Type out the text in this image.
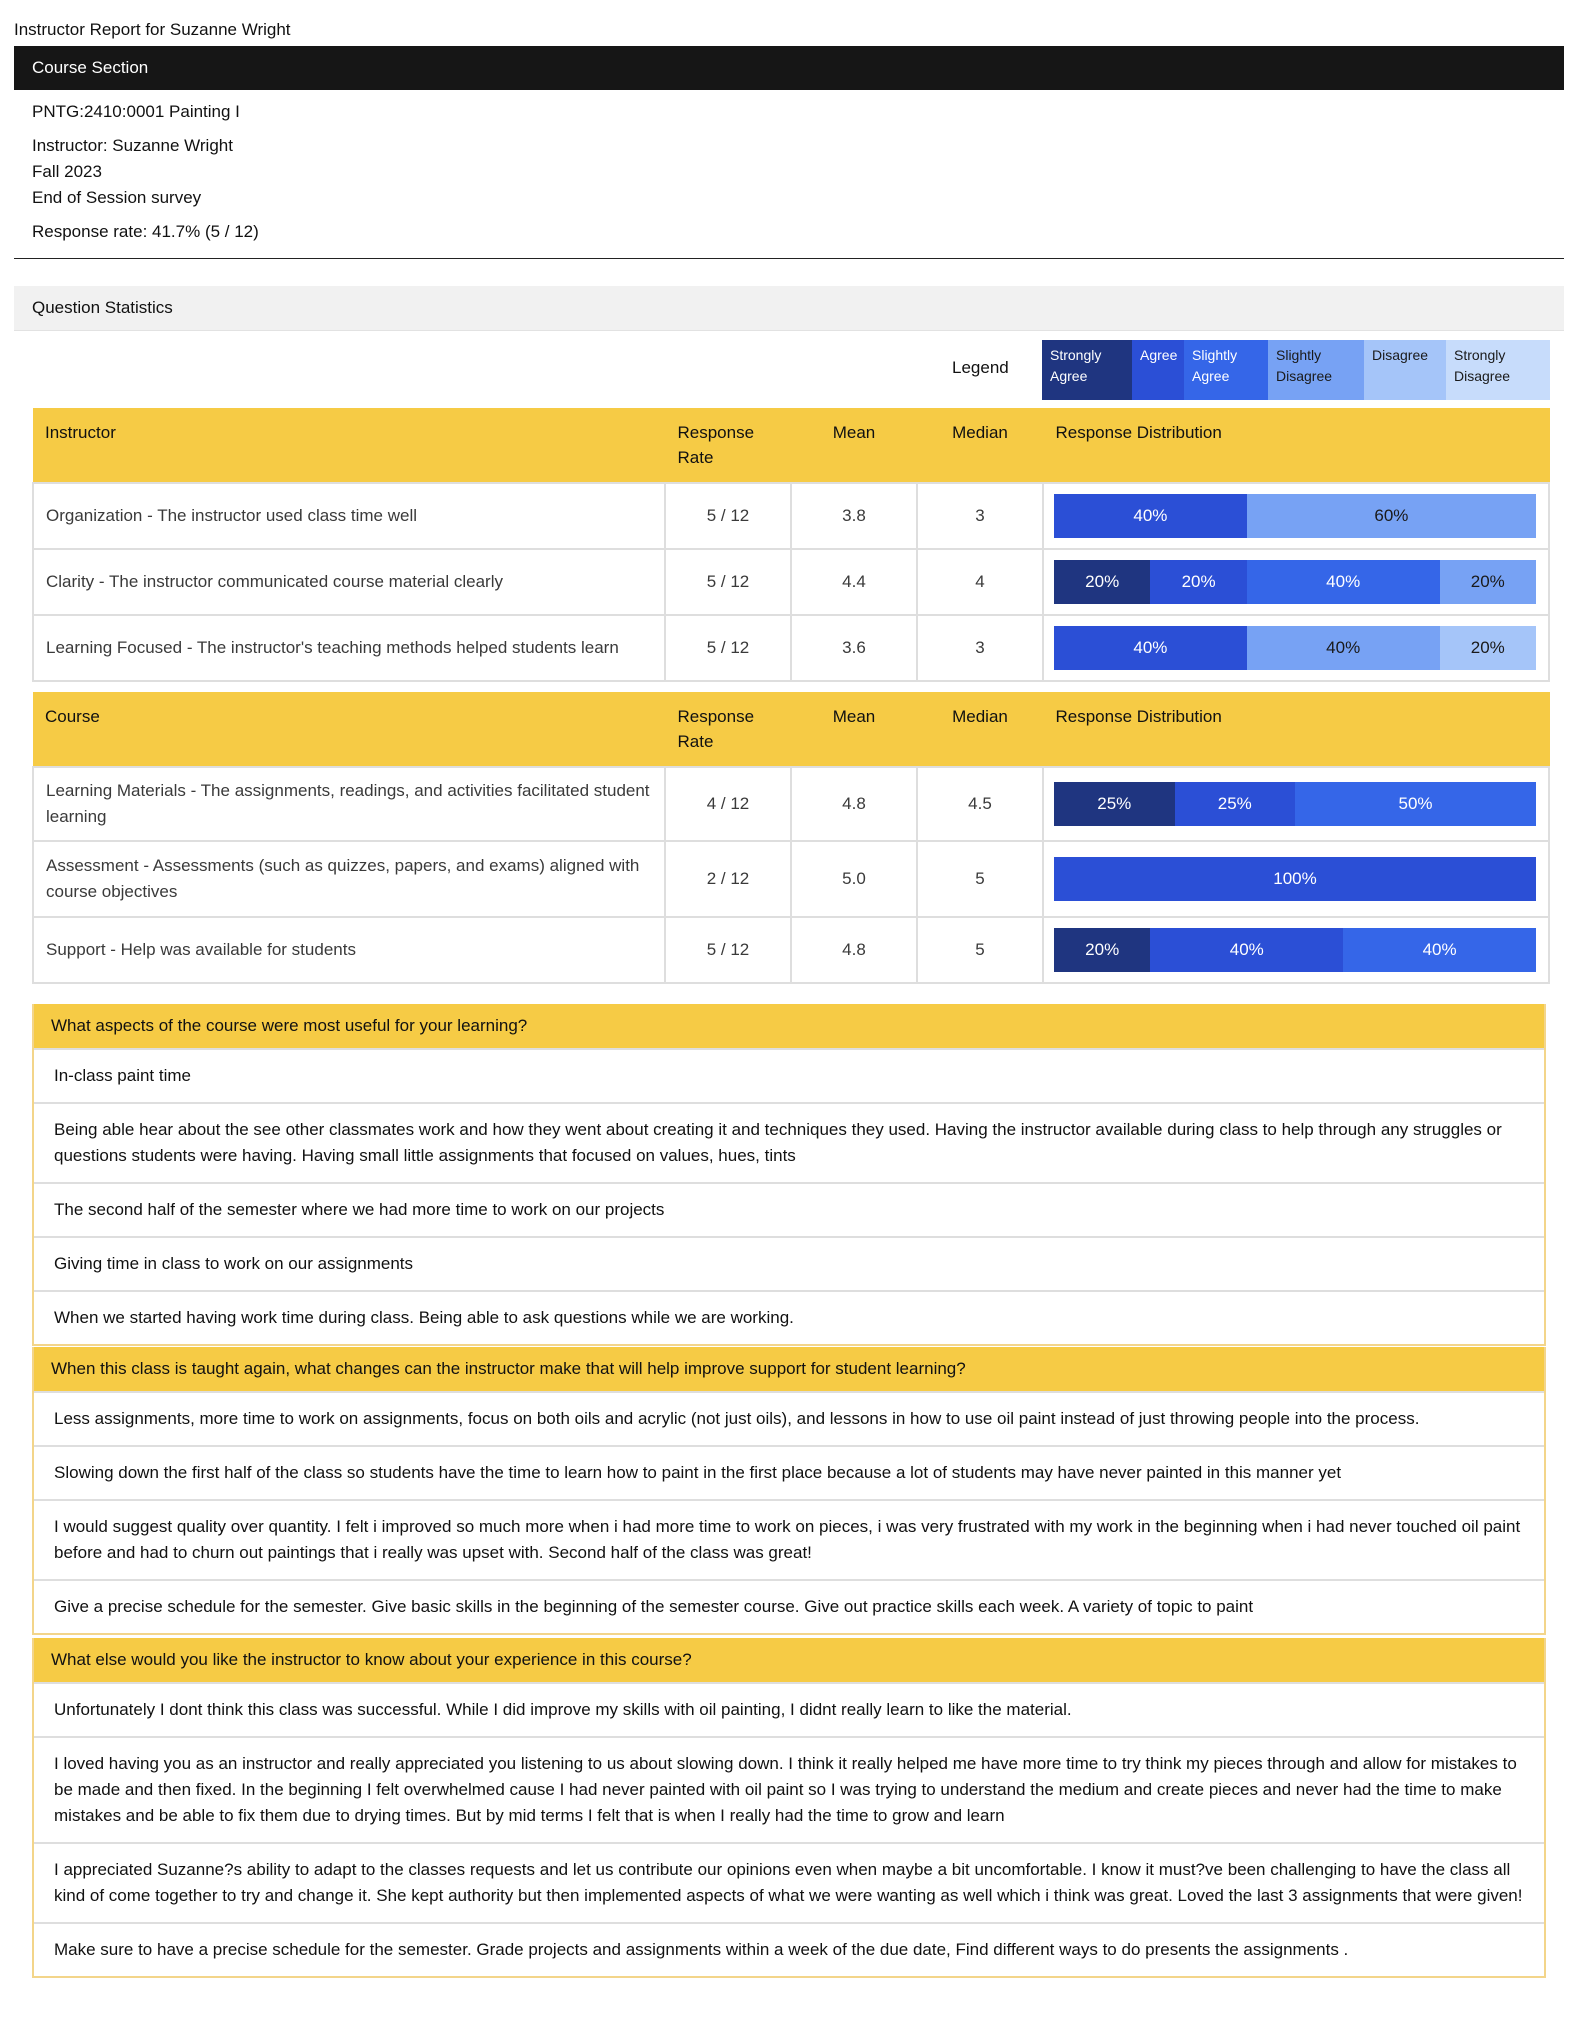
Instructor Report for Suzanne Wright
Course Section
PNTG:2410:0001 Painting I
Instructor: Suzanne Wright
Fall 2023
End of Session survey
Response rate: 41.7% (5 / 12)
Question Statistics
Legend
Strongly Agree
Agree	Slightly Agree
Slightly Disagree
Disagree	Strongly Disagree
Instructor	Response Rate	Mean	Median	Response Distribution
Organization - The instructor used class time well	5 / 12	3.8	3	40% 60%

Clarity - The instructor communicated course material clearly	5 / 12	4.4	4	20% 20% 40% 20%

Learning Focused - The instructor's teaching methods helped students learn	5 / 12	3.6	3	40% 40% 20%
Course	Response Rate	Mean	Median	Response Distribution
Learning Materials - The assignments, readings, and activities facilitated student learning	4 / 12	4.8	4.5	25% 25% 50%

Assessment - Assessments (such as quizzes, papers, and exams) aligned with course objectives	2 / 12	5.0	5	100%

Support - Help was available for students	5 / 12	4.8	5	20% 40% 40%
What aspects of the course were most useful for your learning?
In-class paint time
Being able hear about the see other classmates work and how they went about creating it and techniques they used. Having the instructor available during class to help through any struggles or questions students were having. Having small little assignments that focused on values, hues, tints
The second half of the semester where we had more time to work on our projects
Giving time in class to work on our assignments
When we started having work time during class. Being able to ask questions while we are working.
When this class is taught again, what changes can the instructor make that will help improve support for student learning?
Less assignments, more time to work on assignments, focus on both oils and acrylic (not just oils), and lessons in how to use oil paint instead of just throwing people into the process.
Slowing down the first half of the class so students have the time to learn how to paint in the first place because a lot of students may have never painted in this manner yet
I would suggest quality over quantity. I felt i improved so much more when i had more time to work on pieces, i was very frustrated with my work in the beginning when i had never touched oil paint before and had to churn out paintings that i really was upset with. Second half of the class was great!
Give a precise schedule for the semester. Give basic skills in the beginning of the semester course. Give out practice skills each week. A variety of topic to paint
What else would you like the instructor to know about your experience in this course?
Unfortunately I dont think this class was successful. While I did improve my skills with oil painting, I didnt really learn to like the material.
I loved having you as an instructor and really appreciated you listening to us about slowing down. I think it really helped me have more time to try think my pieces through and allow for mistakes to be made and then fixed. In the beginning I felt overwhelmed cause I had never painted with oil paint so I was trying to understand the medium and create pieces and never had the time to make mistakes and be able to fix them due to drying times. But by mid terms I felt that is when I really had the time to grow and learn
I appreciated Suzanne?s ability to adapt to the classes requests and let us contribute our opinions even when maybe a bit uncomfortable. I know it must?ve been challenging to have the class all kind of come together to try and change it. She kept authority but then implemented aspects of what we were wanting as well which i think was great. Loved the last 3 assignments that were given!
Make sure to have a precise schedule for the semester. Grade projects and assignments within a week of the due date, Find different ways to do presents the assignments .
